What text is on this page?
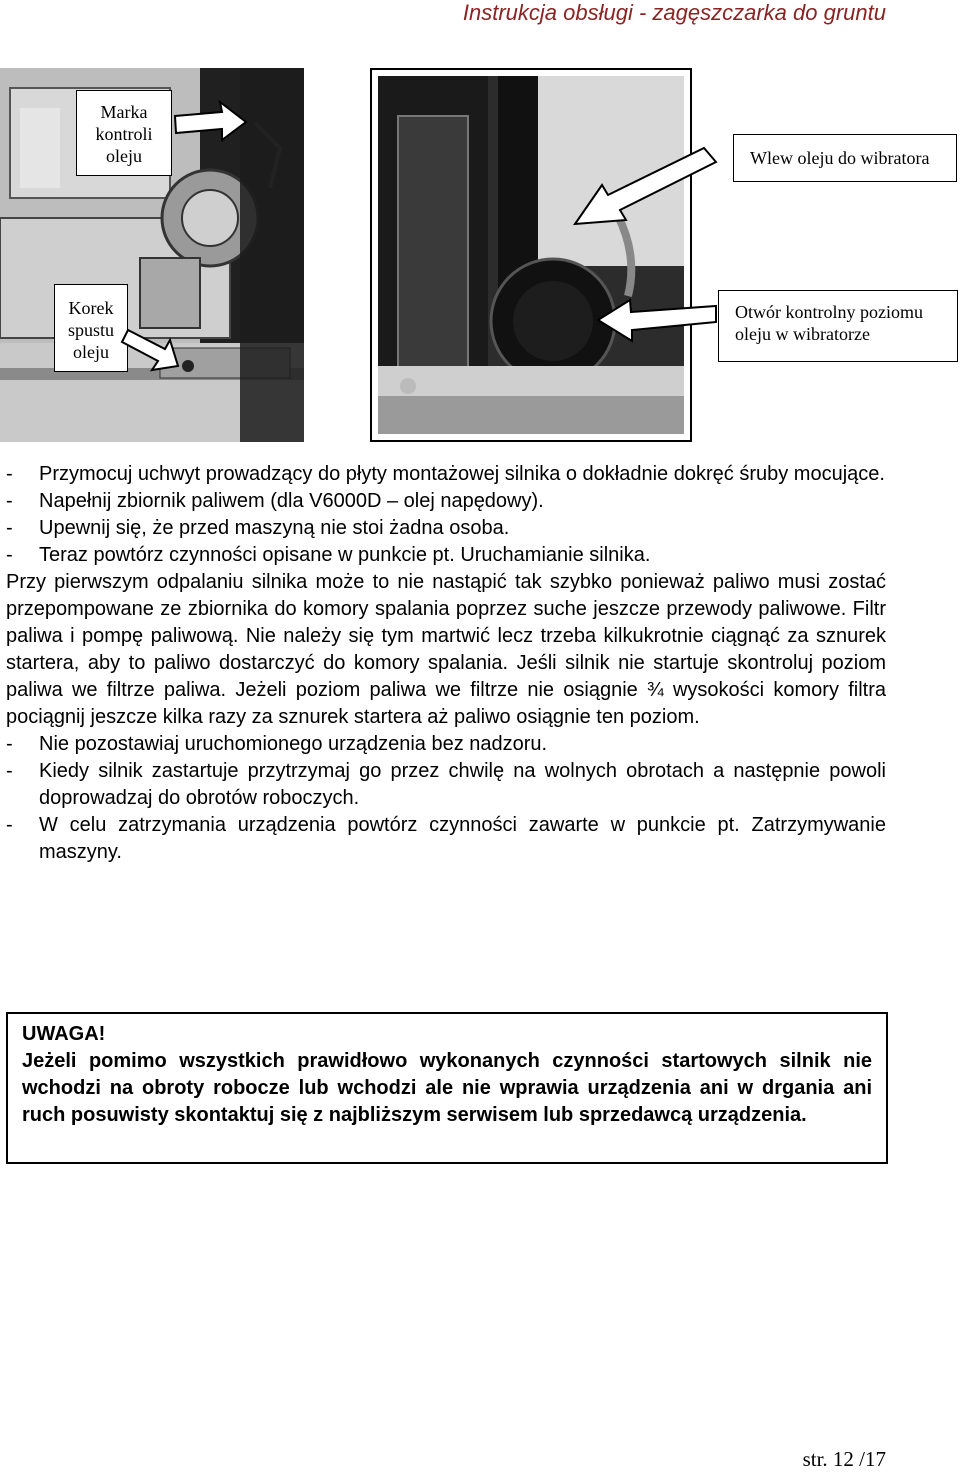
Instrukcja obsługi - zagęszczarka do gruntu
Marka kontroli oleju
Korek spustu oleju
Wlew oleju do wibratora
Otwór kontrolny poziomu oleju w wibratorze
-	Przymocuj uchwyt prowadzący do płyty montażowej silnika o dokładnie dokręć śruby mocujące.
-	Napełnij zbiornik paliwem (dla V6000D – olej napędowy).
-	Upewnij się, że przed maszyną nie stoi żadna osoba.
-	Teraz powtórz czynności opisane w punkcie pt. Uruchamianie silnika.

Przy pierwszym odpalaniu silnika może to nie nastąpić tak szybko ponieważ paliwo musi zostać przepompowane ze zbiornika do komory spalania poprzez suche jeszcze przewody paliwowe. Filtr paliwa i pompę paliwową. Nie należy się tym martwić lecz trzeba kilkukrotnie ciągnąć za sznurek startera, aby to paliwo dostarczyć do komory spalania. Jeśli silnik nie startuje skontroluj poziom paliwa we filtrze paliwa. Jeżeli poziom paliwa we filtrze nie osiągnie ¾ wysokości komory filtra pociągnij jeszcze kilka razy za sznurek startera aż paliwo osiągnie ten poziom.

-	Nie pozostawiaj uruchomionego urządzenia bez nadzoru.
-	Kiedy silnik zastartuje przytrzymaj go przez chwilę na wolnych obrotach a następnie powoli doprowadzaj do obrotów roboczych.
-	W celu zatrzymania urządzenia powtórz czynności zawarte w punkcie pt. Zatrzymywanie maszyny.

UWAGA!

Jeżeli pomimo wszystkich prawidłowo wykonanych czynności startowych silnik nie wchodzi na obroty robocze lub wchodzi ale nie wprawia urządzenia ani w drgania ani ruch posuwisty skontaktuj się z najbliższym serwisem lub sprzedawcą urządzenia.

str. 12 /17
